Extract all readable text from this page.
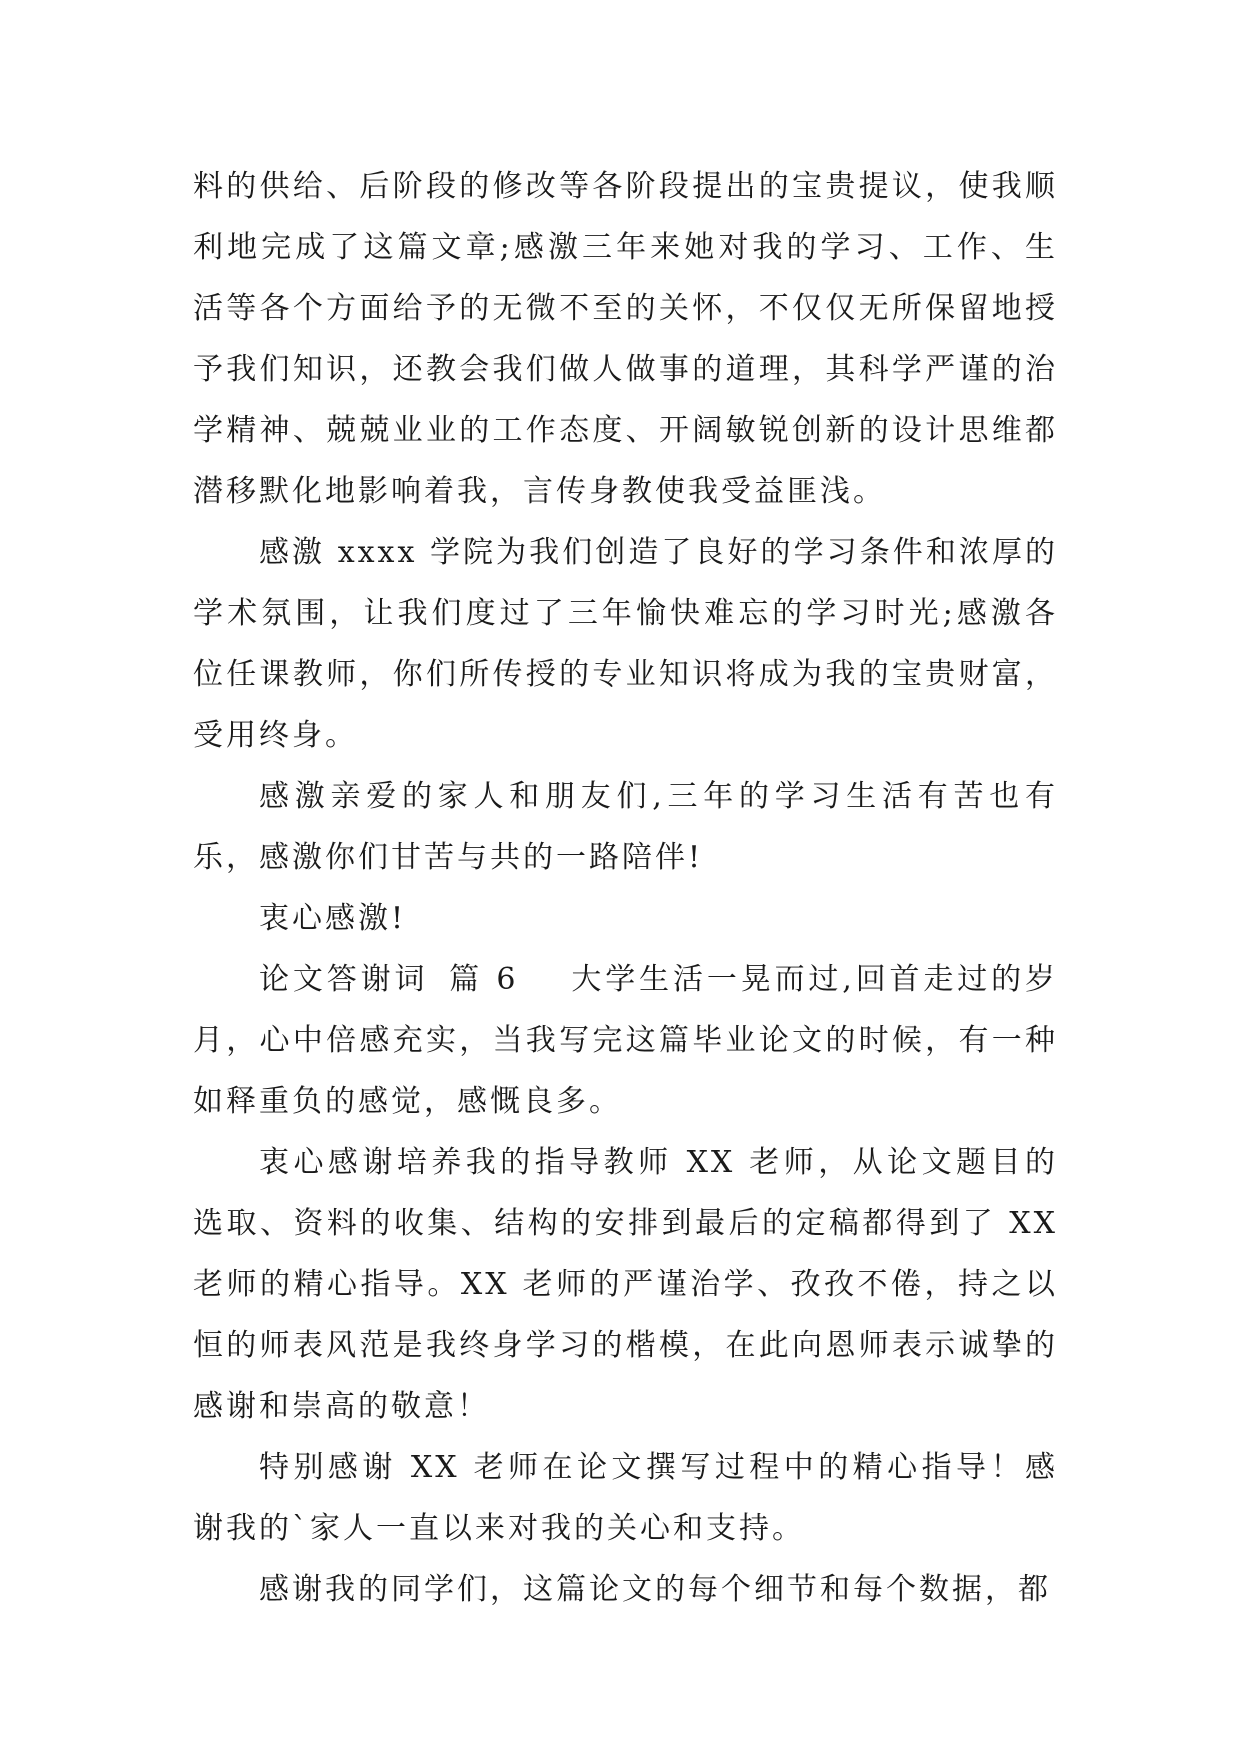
料的供给、后阶段的修改等各阶段提出的宝贵提议，使我顺利地完成了这篇文章;感激三年来她对我的学习、工作、生活等各个方面给予的无微不至的关怀，不仅仅无所保留地授予我们知识，还教会我们做人做事的道理，其科学严谨的治学精神、兢兢业业的工作态度、开阔敏锐创新的设计思维都潜移默化地影响着我，言传身教使我受益匪浅。

感激 xxxx 学院为我们创造了良好的学习条件和浓厚的学术氛围，让我们度过了三年愉快难忘的学习时光;感激各位任课教师，你们所传授的专业知识将成为我的宝贵财富，受用终身。

感激亲爱的家人和朋友们,三年的学习生活有苦也有乐，感激你们甘苦与共的一路陪伴!

衷心感激!

论文答谢词 篇 6 大学生活一晃而过,回首走过的岁月，心中倍感充实，当我写完这篇毕业论文的时候，有一种如释重负的感觉，感慨良多。

衷心感谢培养我的指导教师 XX 老师，从论文题目的选取、资料的收集、结构的安排到最后的定稿都得到了 XX 老师的精心指导。XX 老师的严谨治学、孜孜不倦，持之以恒的师表风范是我终身学习的楷模，在此向恩师表示诚挚的感谢和崇高的敬意！

特别感谢 XX 老师在论文撰写过程中的精心指导！感谢我的`家人一直以来对我的关心和支持。

感谢我的同学们，这篇论文的每个细节和每个数据，都
